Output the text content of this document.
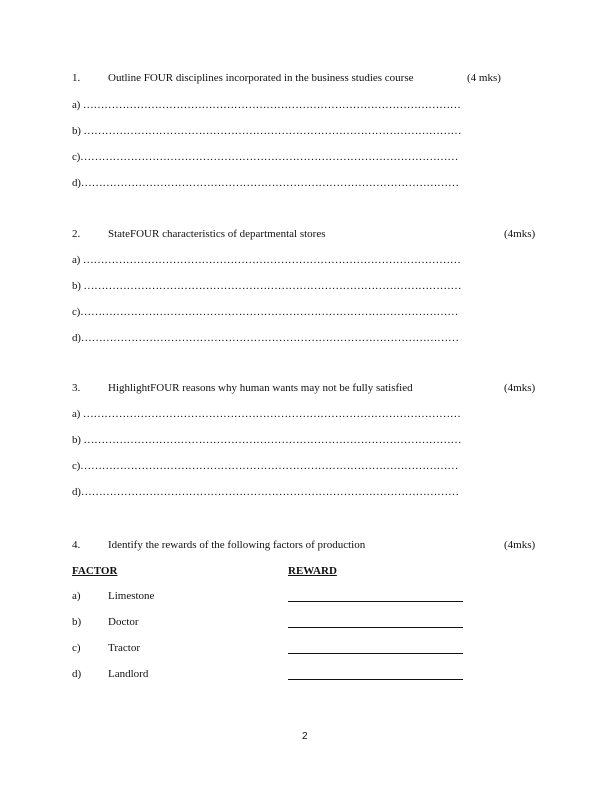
1.	Outline FOUR disciplines incorporated in the business studies course	(4 mks)
a) ……………………………………………………………………………………………
b) ……………………………………………………………………………………………
c)……………………………………………………………………………………………
d)……………………………………………………………………………………………
2.	StateFOUR characteristics of departmental stores	(4mks)
a) ……………………………………………………………………………………………
b) ……………………………………………………………………………………………
c)……………………………………………………………………………………………
d)……………………………………………………………………………………………
3.	HighlightFOUR reasons why human wants may not be fully satisfied	(4mks)
a) ……………………………………………………………………………………………
b) ……………………………………………………………………………………………
c)……………………………………………………………………………………………
d)……………………………………………………………………………………………
4.	Identify the rewards of the following factors of production	(4mks)
FACTOR	REWARD
a) Limestone
b) Doctor
c) Tractor
d) Landlord
2
